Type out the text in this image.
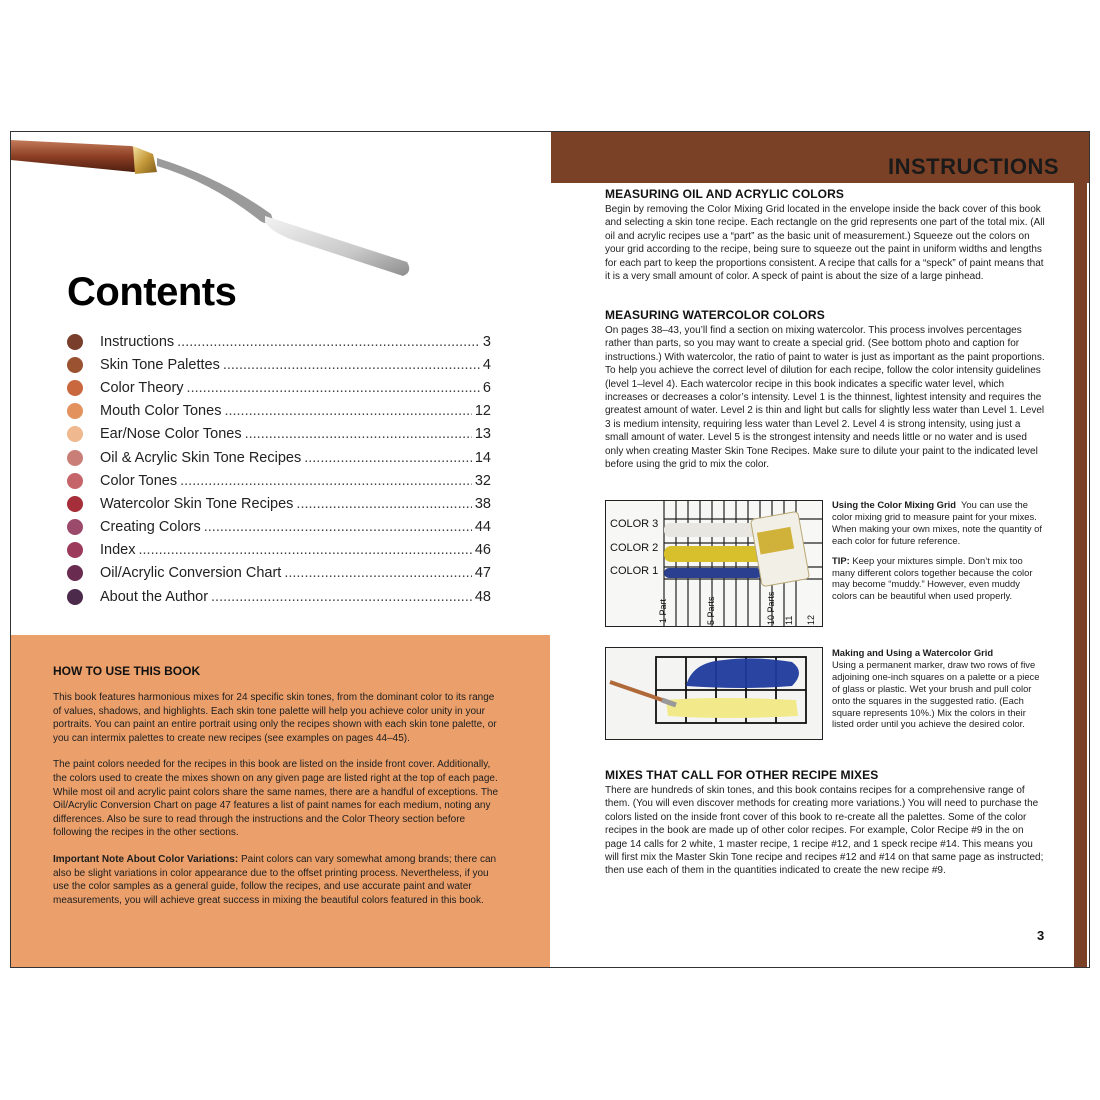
Contents
Instructions .....	3
Skin Tone Palettes .....	4
Color Theory .....	6
Mouth Color Tones .....	12
Ear/Nose Color Tones .....	13
Oil & Acrylic Skin Tone Recipes .....	14
Color Tones .....	32
Watercolor Skin Tone Recipes .....	38
Creating Colors .....	44
Index .....	46
Oil/Acrylic Conversion Chart .....	47
About the Author .....	48
HOW TO USE THIS BOOK

This book features harmonious mixes for 24 specific skin tones, from the dominant color to its range of values, shadows, and highlights. Each skin tone palette will help you achieve color unity in your portraits. You can paint an entire portrait using only the recipes shown with each skin tone palette, or you can intermix palettes to create new recipes (see examples on pages 44–45).

The paint colors needed for the recipes in this book are listed on the inside front cover. Additionally, the colors used to create the mixes shown on any given page are listed right at the top of each page. While most oil and acrylic paint colors share the same names, there are a handful of exceptions. The Oil/Acrylic Conversion Chart on page 47 features a list of paint names for each medium, noting any differences. Also be sure to read through the instructions and the Color Theory section before following the recipes in the other sections.

Important Note About Color Variations: Paint colors can vary somewhat among brands; there can also be slight variations in color appearance due to the offset printing process. Nevertheless, if you use the color samples as a general guide, follow the recipes, and use accurate paint and water measurements, you will achieve great success in mixing the beautiful colors featured in this book.

INSTRUCTIONS
MEASURING OIL AND ACRYLIC COLORS

Begin by removing the Color Mixing Grid located in the envelope inside the back cover of this book and selecting a skin tone recipe. Each rectangle on the grid represents one part of the total mix. (All oil and acrylic recipes use a “part” as the basic unit of measurement.) Squeeze out the colors on your grid according to the recipe, being sure to squeeze out the paint in uniform widths and lengths for each part to keep the proportions consistent. A recipe that calls for a “speck” of paint means that it is a very small amount of color. A speck of paint is about the size of a large pinhead.

MEASURING WATERCOLOR COLORS

On pages 38–43, you’ll find a section on mixing watercolor. This process involves percentages rather than parts, so you may want to create a special grid. (See bottom photo and caption for instructions.) With watercolor, the ratio of paint to water is just as important as the paint proportions. To help you achieve the correct level of dilution for each recipe, follow the color intensity guidelines (level 1–level 4). Each watercolor recipe in this book indicates a specific water level, which increases or decreases a color’s intensity. Level 1 is the thinnest, lightest intensity and requires the greatest amount of water. Level 2 is thin and light but calls for slightly less water than Level 1. Level 3 is medium intensity, requiring less water than Level 2. Level 4 is strong intensity, using just a small amount of water. Level 5 is the strongest intensity and needs little or no water and is used only when creating Master Skin Tone Recipes. Make sure to dilute your paint to the indicated level before using the grid to mix the color.

COLOR 3
COLOR 2
COLOR 1
1 Part	5 Parts	10 Parts 11 12

Using the Color Mixing Grid You can use the color mixing grid to measure paint for your mixes. When making your own mixes, note the quantity of each color for future reference.

TIP: Keep your mixtures simple. Don’t mix too many different colors together because the color may become “muddy.” However, even muddy colors can be beautiful when used properly.

Making and Using a Watercolor Grid
Using a permanent marker, draw two rows of five adjoining one-inch squares on a palette or a piece of glass or plastic. Wet your brush and pull color onto the squares in the suggested ratio. (Each square represents 10%.) Mix the colors in their listed order until you achieve the desired color.

MIXES THAT CALL FOR OTHER RECIPE MIXES

There are hundreds of skin tones, and this book contains recipes for a comprehensive range of them. (You will even discover methods for creating more variations.) You will need to purchase the colors listed on the inside front cover of this book to re-create all the palettes. Some of the color recipes in the book are made up of other color recipes. For example, Color Recipe #9 in the on page 14 calls for 2 white, 1 master recipe, 1 recipe #12, and 1 speck recipe #14. This means you will first mix the Master Skin Tone recipe and recipes #12 and #14 on that same page as instructed; then use each of them in the quantities indicated to create the new recipe #9.

3
